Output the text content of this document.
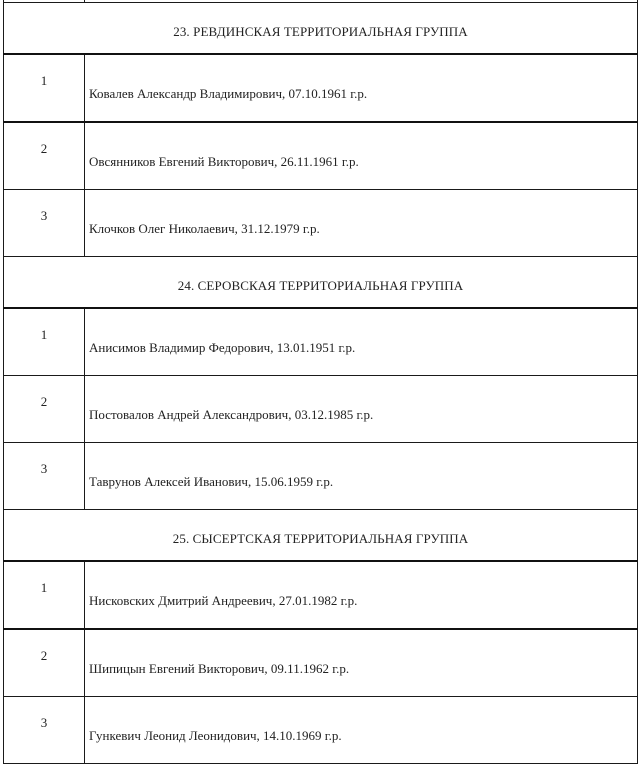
23. РЕВДИНСКАЯ ТЕРРИТОРИАЛЬНАЯ ГРУППА	

1	Ковалев Александр Владимирович, 07.10.1961 г.р.

2	Овсянников Евгений Викторович, 26.11.1961 г.р.

3	Клочков Олег Николаевич, 31.12.1979 г.р.

24. СЕРОВСКАЯ ТЕРРИТОРИАЛЬНАЯ ГРУППА	

1	Анисимов Владимир Федорович, 13.01.1951 г.р.

2	Постовалов Андрей Александрович, 03.12.1985 г.р.

3	Таврунов Алексей Иванович, 15.06.1959 г.р.

25. СЫСЕРТСКАЯ ТЕРРИТОРИАЛЬНАЯ ГРУППА	

1	Нисковских Дмитрий Андреевич, 27.01.1982 г.р.

2	Шипицын Евгений Викторович, 09.11.1962 г.р.

3	Гункевич Леонид Леонидович, 14.10.1969 г.р.
